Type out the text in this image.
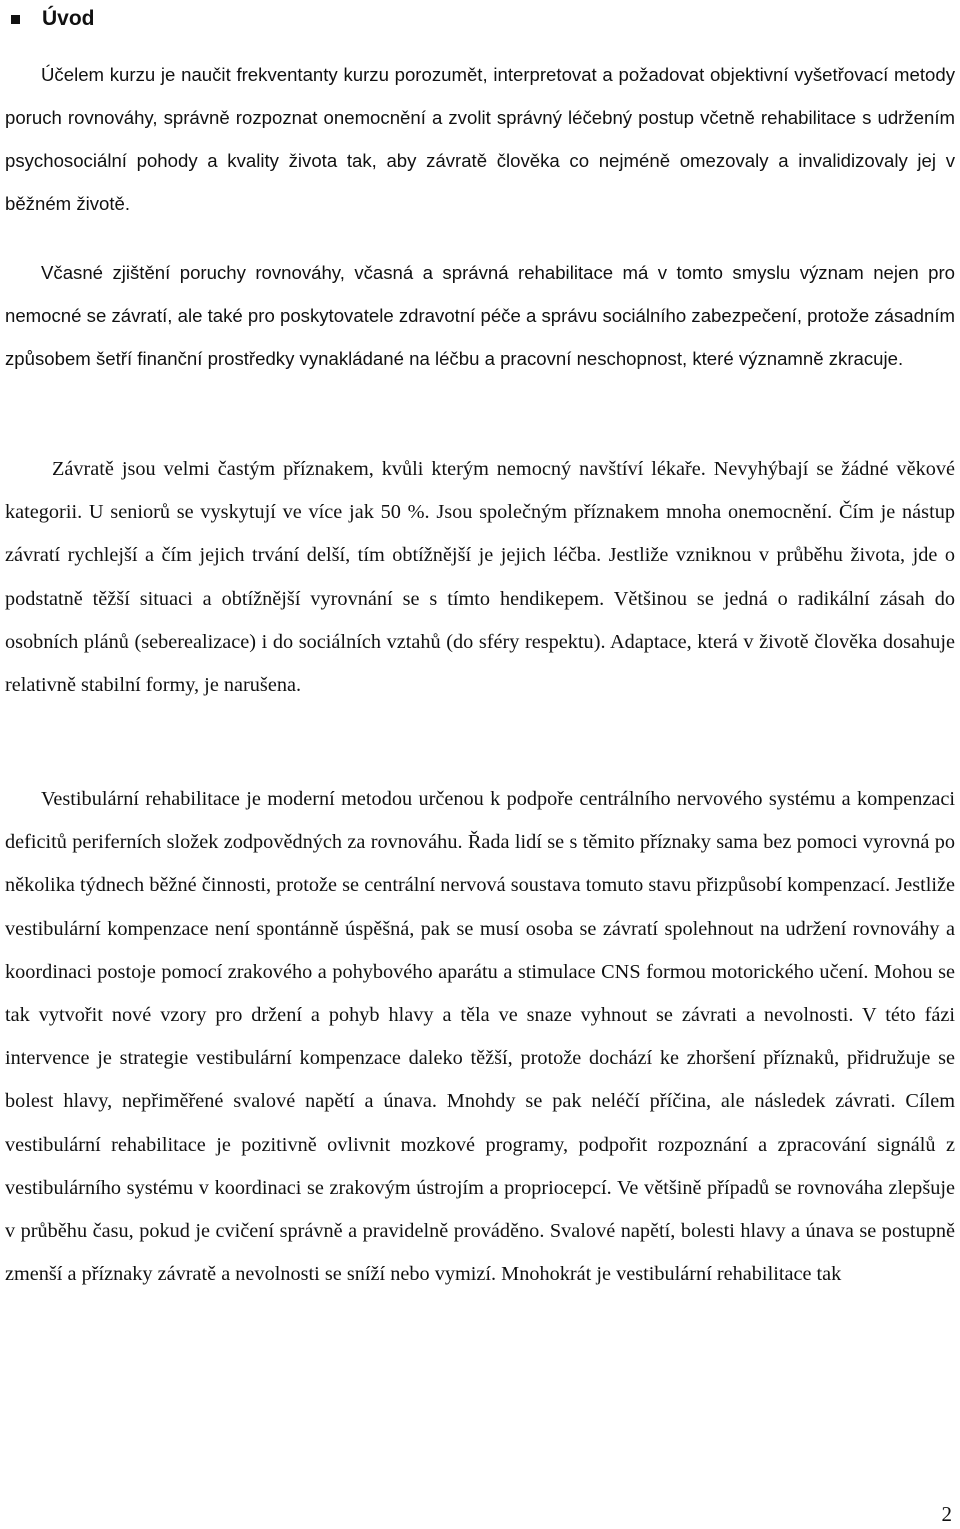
Úvod

Účelem kurzu je naučit frekventanty kurzu porozumět, interpretovat a požadovat objektivní vyšetřovací metody poruch rovnováhy, správně rozpoznat onemocnění a zvolit správný léčebný postup včetně rehabilitace s udržením psychosociální pohody a kvality života tak, aby závratě člověka co nejméně omezovaly a invalidizovaly jej v běžném životě.

Včasné zjištění poruchy rovnováhy, včasná a správná rehabilitace má v tomto smyslu význam nejen pro nemocné se závratí, ale také pro poskytovatele zdravotní péče a správu sociálního zabezpečení, protože zásadním způsobem šetří finanční prostředky vynakládané na léčbu a pracovní neschopnost, které významně zkracuje.

Závratě jsou velmi častým příznakem, kvůli kterým nemocný navštíví lékaře. Nevyhýbají se žádné věkové kategorii. U seniorů se vyskytují ve více jak 50 %. Jsou společným příznakem mnoha onemocnění. Čím je nástup závratí rychlejší a čím jejich trvání delší, tím obtížnější je jejich léčba. Jestliže vzniknou v průběhu života, jde o podstatně těžší situaci a obtížnější vyrovnání se s tímto hendikepem. Většinou se jedná o radikální zásah do osobních plánů (seberealizace) i do sociálních vztahů (do sféry respektu). Adaptace, která v životě člověka dosahuje relativně stabilní formy, je narušena.

Vestibulární rehabilitace je moderní metodou určenou k podpoře centrálního nervového systému a kompenzaci deficitů periferních složek zodpovědných za rovnováhu. Řada lidí se s těmito příznaky sama bez pomoci vyrovná po několika týdnech běžné činnosti, protože se centrální nervová soustava tomuto stavu přizpůsobí kompenzací. Jestliže vestibulární kompenzace není spontánně úspěšná, pak se musí osoba se závratí spolehnout na udržení rovnováhy a koordinaci postoje pomocí zrakového a pohybového aparátu a stimulace CNS formou motorického učení. Mohou se tak vytvořit nové vzory pro držení a pohyb hlavy a těla ve snaze vyhnout se závrati a nevolnosti. V této fázi intervence je strategie vestibulární kompenzace daleko těžší, protože dochází ke zhoršení příznaků, přidružuje se bolest hlavy, nepřiměřené svalové napětí a únava. Mnohdy se pak neléčí příčina, ale následek závrati. Cílem vestibulární rehabilitace je pozitivně ovlivnit mozkové programy, podpořit rozpoznání a zpracování signálů z vestibulárního systému v koordinaci se zrakovým ústrojím a propriocepcí. Ve většině případů se rovnováha zlepšuje v průběhu času, pokud je cvičení správně a pravidelně prováděno. Svalové napětí, bolesti hlavy a únava se postupně zmenší a příznaky závratě a nevolnosti se sníží nebo vymizí. Mnohokrát je vestibulární rehabilitace tak

2
